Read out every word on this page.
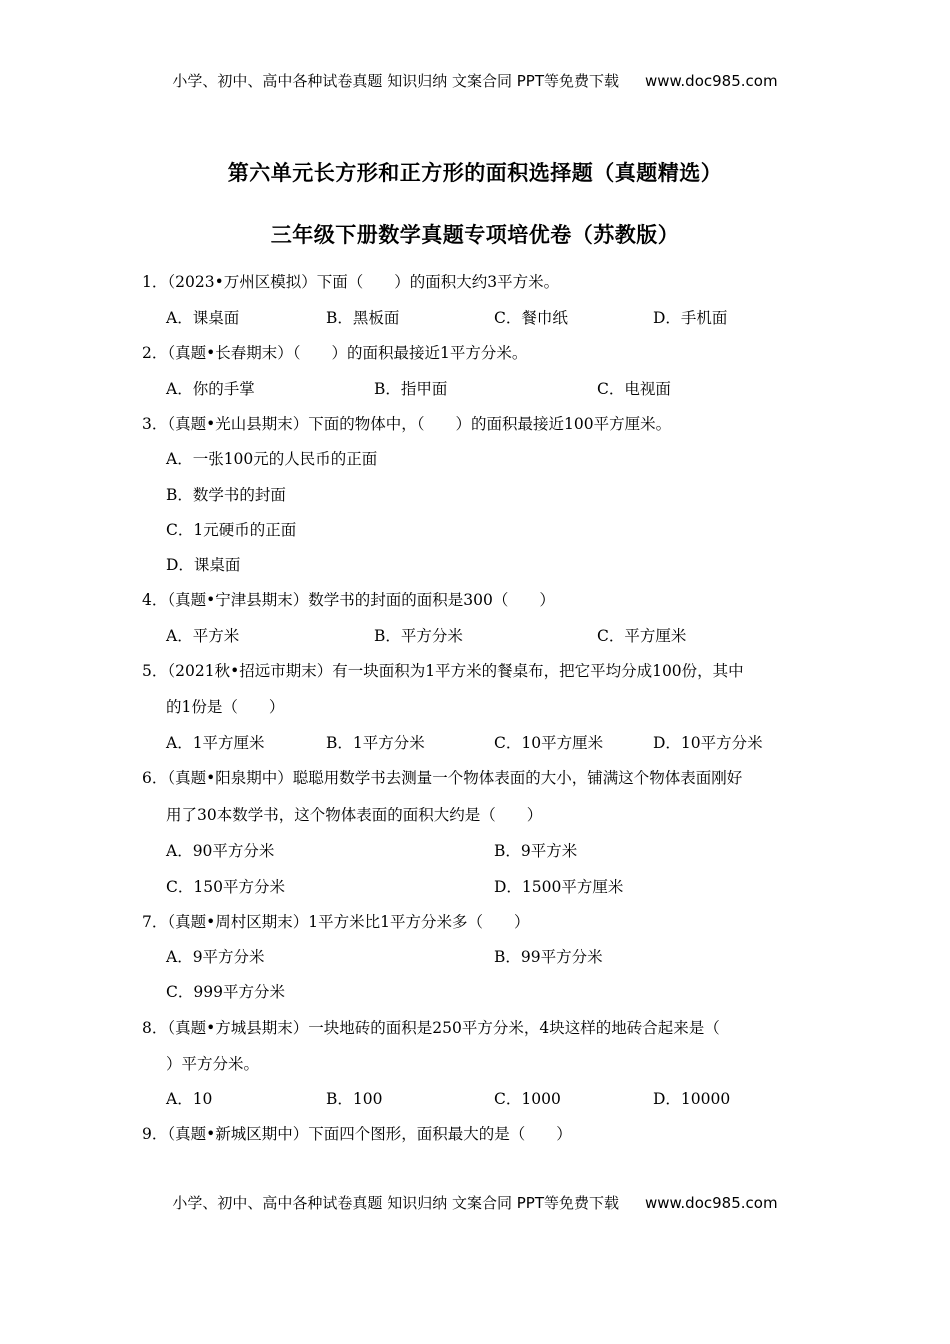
小学、初中、高中各种试卷真题 知识归纳 文案合同 PPT等免费下载 www.doc985.com
第六单元长方形和正方形的面积选择题（真题精选）
三年级下册数学真题专项培优卷（苏教版）
1．（2023•万州区模拟）下面（　　）的面积大约3平方米。
A．课桌面	B．黑板面	C．餐巾纸	D．手机面
2．（真题•长春期末）（　　）的面积最接近1平方分米。
A．你的手掌	B．指甲面	C．电视面
3．（真题•光山县期末）下面的物体中，（　　）的面积最接近100平方厘米。
A．一张100元的人民币的正面
B．数学书的封面
C．1元硬币的正面
D．课桌面
4．（真题•宁津县期末）数学书的封面的面积是300（　　）
A．平方米	B．平方分米	C．平方厘米
5．（2021秋•招远市期末）有一块面积为1平方米的餐桌布，把它平均分成100份，其中
的1份是（　　）
A．1平方厘米	B．1平方分米	C．10平方厘米	D．10平方分米
6．（真题•阳泉期中）聪聪用数学书去测量一个物体表面的大小，铺满这个物体表面刚好
用了30本数学书，这个物体表面的面积大约是（　　）
A．90平方分米	B．9平方米
C．150平方分米	D．1500平方厘米
7．（真题•周村区期末）1平方米比1平方分米多（　　）
A．9平方分米	B．99平方分米
C．999平方分米
8．（真题•方城县期末）一块地砖的面积是250平方分米，4块这样的地砖合起来是（
）平方分米。
A．10	B．100	C．1000	D．10000
9．（真题•新城区期中）下面四个图形，面积最大的是（　　）
小学、初中、高中各种试卷真题 知识归纳 文案合同 PPT等免费下载 www.doc985.com
